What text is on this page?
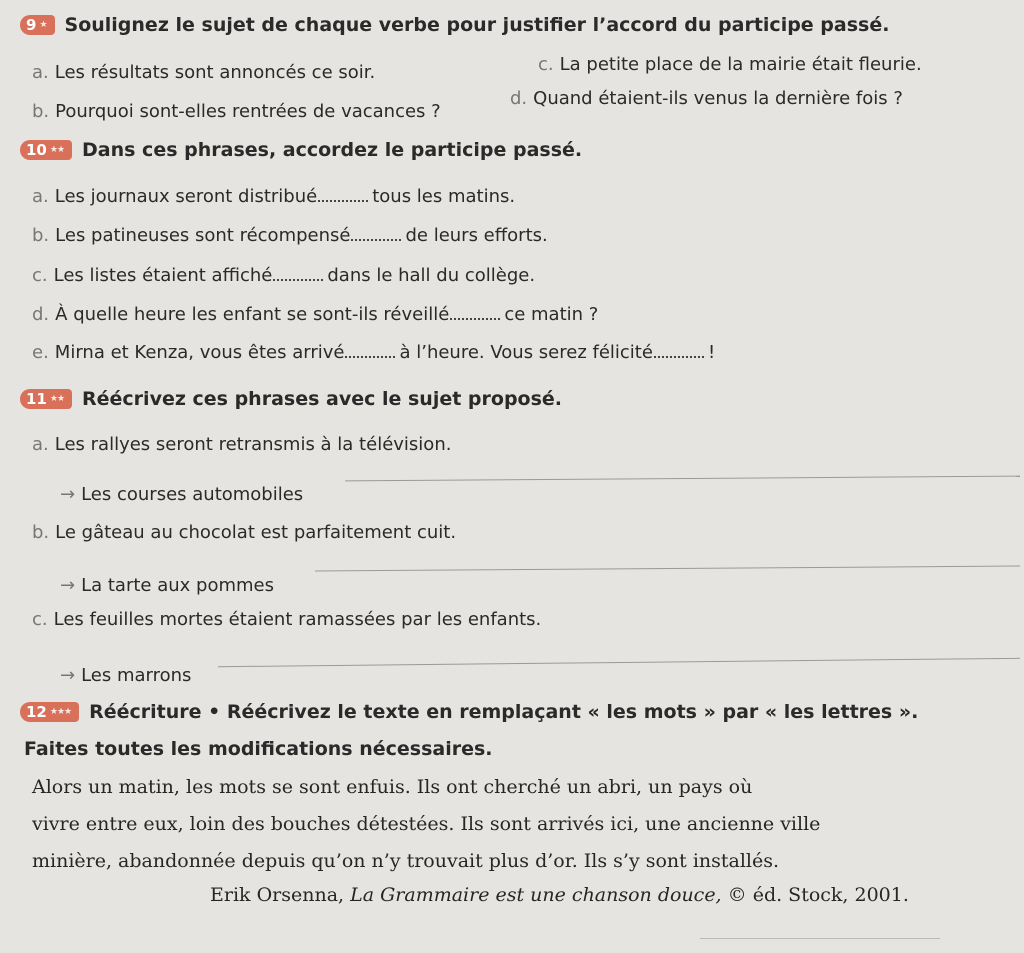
9 ★ Soulignez le sujet de chaque verbe pour justifier l’accord du participe passé.
a. Les résultats sont annoncés ce soir.	c. La petite place de la mairie était fleurie.
b. Pourquoi sont-elles rentrées de vacances ?
d. Quand étaient-ils venus la dernière fois ?
10 ★★ Dans ces phrases, accordez le participe passé.
a. Les journaux seront distribué	tous les matins.
b. Les patineuses sont récompensé	de leurs efforts.
c. Les listes étaient affiché	dans le hall du collège.
d. À quelle heure les enfant se sont-ils réveillé	ce matin ?
e. Mirna et Kenza, vous êtes arrivé	à l’heure. Vous serez félicité	!
11 ★★ Réécrivez ces phrases avec le sujet proposé.
a. Les rallyes seront retransmis à la télévision.
→ Les courses automobiles
b. Le gâteau au chocolat est parfaitement cuit.
→ La tarte aux pommes
c. Les feuilles mortes étaient ramassées par les enfants.
→ Les marrons
12 ★★★ Réécriture • Réécrivez le texte en remplaçant « les mots » par « les lettres ».
Faites toutes les modifications nécessaires.
Alors un matin, les mots se sont enfuis. Ils ont cherché un abri, un pays où
vivre entre eux, loin des bouches détestées. Ils sont arrivés ici, une ancienne ville
minière, abandonnée depuis qu’on n’y trouvait plus d’or. Ils s’y sont installés.
Erik Orsenna, La Grammaire est une chanson douce, © éd. Stock, 2001.
